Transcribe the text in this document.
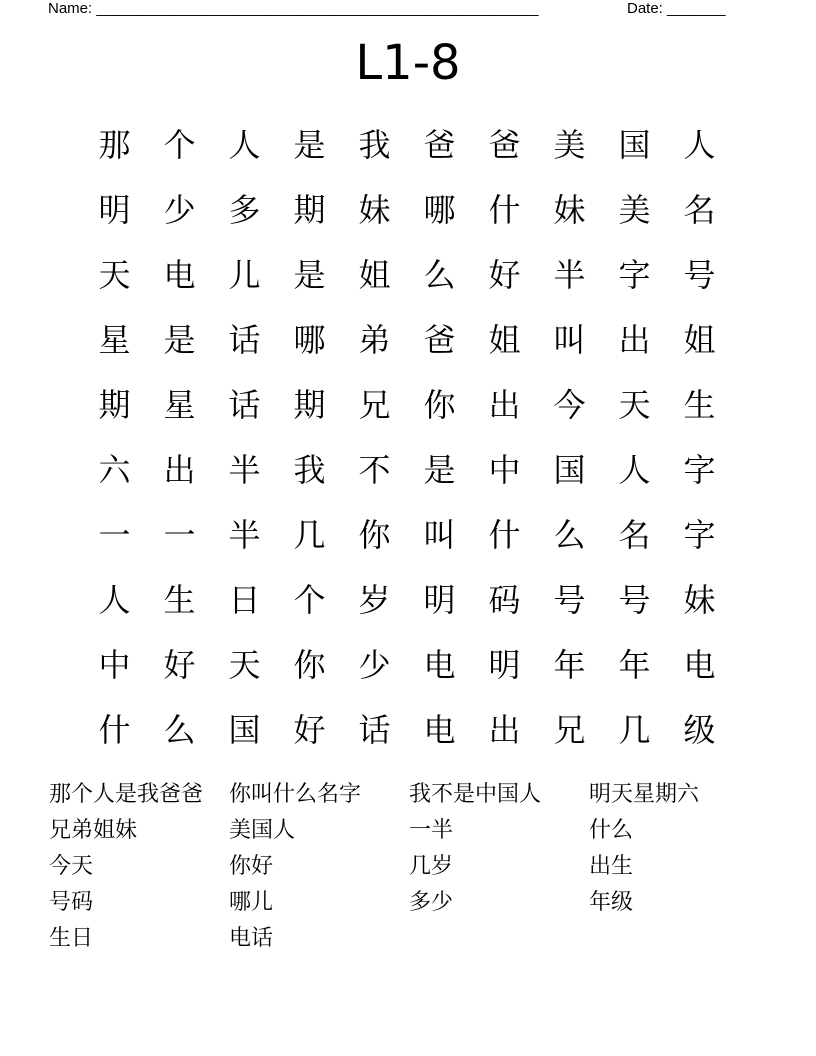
Name: _____________________________________________________	Date: _______
L1-8
那	个	人	是	我	爸	爸	美	国	人
明	少	多	期	妹	哪	什	妹	美	名
天	电	儿	是	姐	么	好	半	字	号
星	是	话	哪	弟	爸	姐	叫	出	姐
期	星	话	期	兄	你	出	今	天	生
六	出	半	我	不	是	中	国	人	字
一	一	半	几	你	叫	什	么	名	字
人	生	日	个	岁	明	码	号	号	妹
中	好	天	你	少	电	明	年	年	电
什	么	国	好	话	电	出	兄	几	级
那个人是我爸爸	你叫什么名字	我不是中国人	明天星期六
兄弟姐妹	美国人	一半	什么
今天	你好	几岁	出生
号码	哪儿	多少	年级
生日	电话
